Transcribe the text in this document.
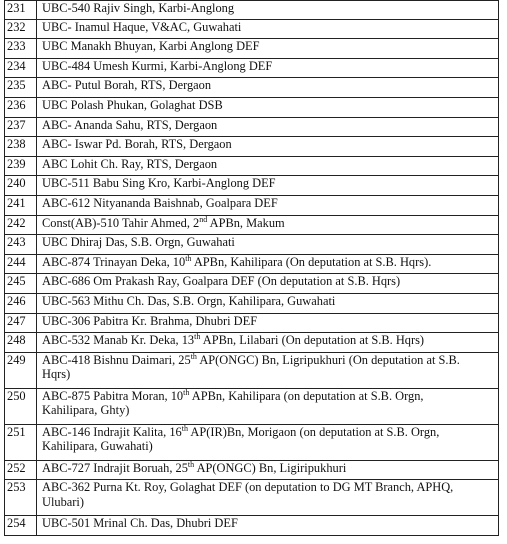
231	UBC-540 Rajiv Singh, Karbi-Anglong
232	UBC- Inamul Haque, V&AC, Guwahati
233	UBC Manakh Bhuyan, Karbi Anglong DEF
234	UBC-484 Umesh Kurmi, Karbi-Anglong DEF
235	ABC- Putul Borah, RTS, Dergaon
236	UBC Polash Phukan, Golaghat DSB
237	ABC- Ananda Sahu, RTS, Dergaon
238	ABC- Iswar Pd. Borah, RTS, Dergaon
239	ABC Lohit Ch. Ray, RTS, Dergaon
240	UBC-511 Babu Sing Kro, Karbi-Anglong DEF
241	ABC-612 Nityananda Baishnab, Goalpara DEF
242	Const(AB)-510 Tahir Ahmed, 2nd APBn, Makum
243	UBC Dhiraj Das, S.B. Orgn, Guwahati
244	ABC-874 Trinayan Deka, 10th APBn, Kahilipara (On deputation at S.B. Hqrs).
245	ABC-686 Om Prakash Ray, Goalpara DEF (On deputation at S.B. Hqrs)
246	UBC-563 Mithu Ch. Das, S.B. Orgn, Kahilipara, Guwahati
247	UBC-306 Pabitra Kr. Brahma, Dhubri DEF
248	ABC-532 Manab Kr. Deka, 13th APBn, Lilabari (On deputation at S.B. Hqrs)
249	ABC-418 Bishnu Daimari, 25th AP(ONGC) Bn, Ligripukhuri (On deputation at S.B.
Hqrs)
250	ABC-875 Pabitra Moran, 10th APBn, Kahilipara (on deputation at S.B. Orgn,
Kahilipara, Ghty)
251	ABC-146 Indrajit Kalita, 16th AP(IR)Bn, Morigaon (on deputation at S.B. Orgn,
Kahilipara, Guwahati)
252	ABC-727 Indrajit Boruah, 25th AP(ONGC) Bn, Ligiripukhuri
253	ABC-362 Purna Kt. Roy, Golaghat DEF (on deputation to DG MT Branch, APHQ,
Ulubari)
254	UBC-501 Mrinal Ch. Das, Dhubri DEF
